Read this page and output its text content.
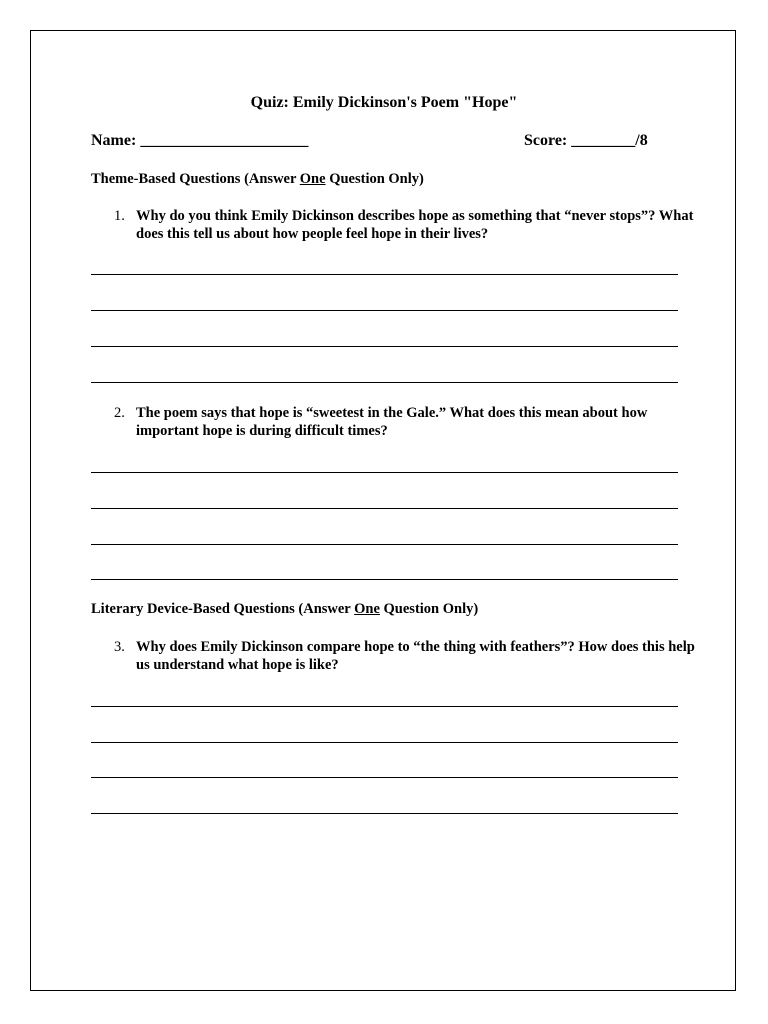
Quiz: Emily Dickinson's Poem "Hope"
Name: _____________________	Score: ________/8
Theme-Based Questions (Answer One Question Only)
1. Why do you think Emily Dickinson describes hope as something that “never stops”? What does this tell us about how people feel hope in their lives?
2. The poem says that hope is “sweetest in the Gale.” What does this mean about how important hope is during difficult times?
Literary Device-Based Questions (Answer One Question Only)
3. Why does Emily Dickinson compare hope to “the thing with feathers”? How does this help us understand what hope is like?
